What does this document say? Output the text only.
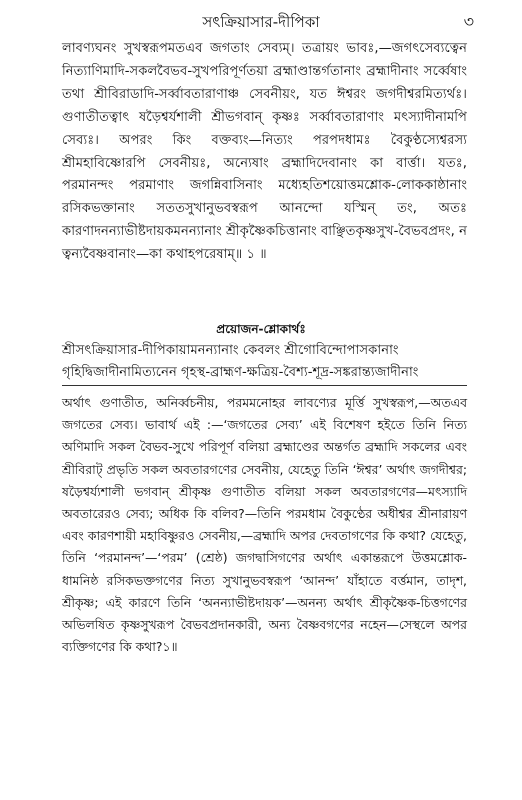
সৎক্রিয়াসার-দীপিকা	৩

লাবণ্যঘনং সুখস্বরূপমতএব জগতাং সেব্যম্‌। তত্রায়ং ভাবঃ,—জগৎসেব্যত্বেন নিত্যাণিমাদি-সকলবৈভব-সুখপরিপূর্ণতয়া ব্রহ্মাণ্ডান্তর্গতানাং ব্রহ্মাদীনাং সর্ব্বেষাং তথা শ্রীবিরাডাদি-সর্ব্বাবতারাণাঞ্চ সেবনীয়ং, যত ঈশ্বরং জগদীশ্বরমিত্যর্থঃ। গুণাতীতত্বাৎ ষড়ৈশ্বর্যশালী শ্রীভগবান্‌ কৃষ্ণঃ সর্ব্বাবতারাণাং মৎস্যাদীনামপি সেব্যঃ। অপরং কিং বক্তব্যং—নিত্যং পরপদধামঃ বৈকুণ্ঠস্যেশ্বরস্য শ্রীমহাবিষ্ণোরপি সেবনীয়ঃ, অন্যেষাং ব্রহ্মাদিদেবানাং কা বার্ত্তা। যতঃ, পরমানন্দং পরমাণাং জগন্নিবাসিনাং মধ্যেহতিশয়োত্তমশ্লোক-লোককাষ্ঠানাং রসিকভক্তানাং সততসুখানুভবস্বরূপ আনন্দো যস্মিন্‌ তং, অতঃ কারণাদনন্যাভীষ্টদায়কমনন্যানাং শ্রীকৃষ্ণৈকচিত্তানাং বাঞ্ছিতকৃষ্ণসুখ-বৈভবপ্রদং, ন ত্বন্যবৈষ্ণবানাং—কা কথাহপরেষাম্‌॥ ১ ॥

প্রয়োজন-শ্লোকার্থঃ
শ্রীসৎক্রিয়াসার-দীপিকায়ামনন্যানাং কেবলং শ্রীগোবিন্দোপাসকানাং
গৃহিদ্বিজাদীনামিত্যনেন গৃহস্থ-ব্রাহ্মণ-ক্ষত্রিয়-বৈশ্য-শূদ্র-সঙ্করান্ত্যজাদীনাং

অর্থাৎ গুণাতীত, অনির্ব্বচনীয়, পরমমনোহর লাবণ্যের মূর্ত্তি সুখস্বরূপ,—অতএব জগতের সেব্য। ভাবার্থ এই :—‘জগতের সেব্য’ এই বিশেষণ হইতে তিনি নিত্য অণিমাদি সকল বৈভব-সুখে পরিপূর্ণ বলিয়া ব্রহ্মাণ্ডের অন্তর্গত ব্রহ্মাদি সকলের এবং শ্রীবিরাট্‌ প্রভৃতি সকল অবতারগণের সেবনীয়, যেহেতু তিনি ‘ঈশ্বর’ অর্থাৎ জগদীশ্বর; ষড়ৈশ্বর্য্যশালী ভগবান্‌ শ্রীকৃষ্ণ গুণাতীত বলিয়া সকল অবতারগণের—মৎস্যাদি অবতারেরও সেব্য; অধিক কি বলিব?—তিনি পরমধাম বৈকুণ্ঠের অধীশ্বর শ্রীনারায়ণ এবং কারণশায়ী মহাবিষ্ণুরও সেবনীয়,—ব্রহ্মাদি অপর দেবতাগণের কি কথা? যেহেতু, তিনি ‘পরমানন্দ’—‘পরম’ (শ্রেষ্ঠ) জগদ্বাসিগণের অর্থাৎ একান্তরূপে উত্তমশ্লোক-ধামনিষ্ঠ রসিকভক্তগণের নিত্য সুখানুভবস্বরূপ ‘আনন্দ’ যাঁহাতে বর্ত্তমান, তাদৃশ, শ্রীকৃষ্ণ; এই কারণে তিনি ‘অনন্যাভীষ্টদায়ক’—অনন্য অর্থাৎ শ্রীকৃষ্ণৈক-চিত্তগণের অভিলষিত কৃষ্ণসুখরূপ বৈভবপ্রদানকারী, অন্য বৈষ্ণবগণের নহেন—সেস্থলে অপর ব্যক্তিগণের কি কথা?১॥
